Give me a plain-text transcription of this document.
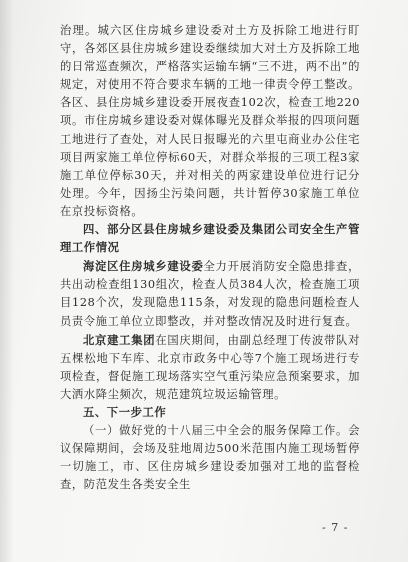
治理。城六区住房城乡建设委对土方及拆除工地进行盯守，各郊区县住房城乡建设委继续加大对土方及拆除工地的日常巡查频次，严格落实运输车辆“三不进，两不出”的规定，对使用不符合要求车辆的工地一律责令停工整改。各区、县住房城乡建设委开展夜查102次，检查工地220项。市住房城乡建设委对媒体曝光及群众举报的四项问题工地进行了查处，对人民日报曝光的六里屯商业办公住宅项目两家施工单位停标60天，对群众举报的三项工程3家施工单位停标30天，并对相关的两家建设单位进行记分处理。今年，因扬尘污染问题，共计暂停30家施工单位在京投标资格。

四、部分区县住房城乡建设委及集团公司安全生产管理工作情况

海淀区住房城乡建设委全力开展消防安全隐患排查，共出动检查组130组次，检查人员384人次，检查施工项目128个次，发现隐患115条，对发现的隐患问题检查人员责令施工单位立即整改，并对整改情况及时进行复查。

北京建工集团在国庆期间，由副总经理丁传波带队对五棵松地下车库、北京市政务中心等7个施工现场进行专项检查，督促施工现场落实空气重污染应急预案要求，加大洒水降尘频次，规范建筑垃圾运输管理。

五、下一步工作

（一）做好党的十八届三中全会的服务保障工作。会议保障期间，会场及驻地周边500米范围内施工现场暂停一切施工，市、区住房城乡建设委加强对工地的监督检查，防范发生各类安全生

- 7 -
